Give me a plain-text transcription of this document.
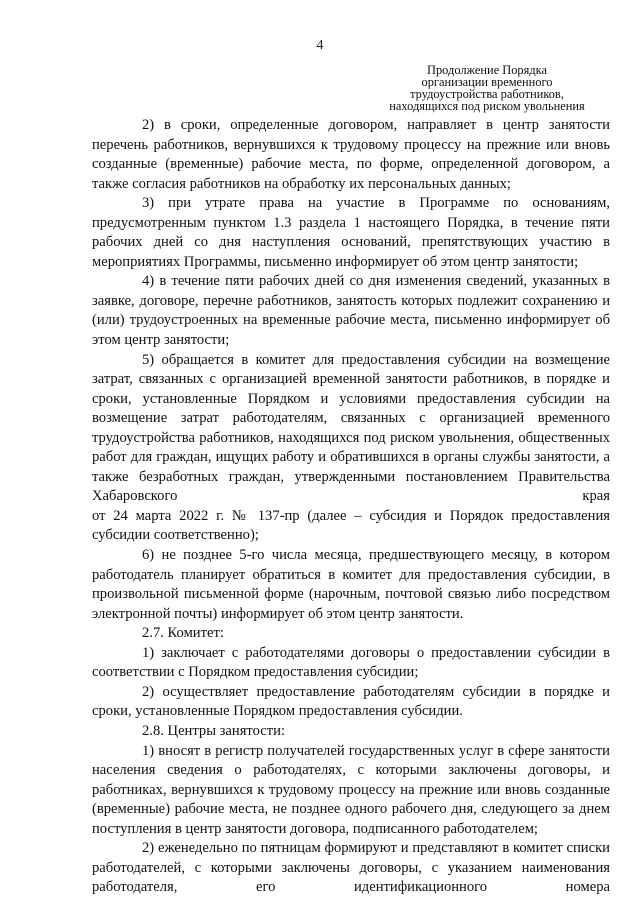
4
Продолжение Порядка
организации временного
трудоустройства работников,
находящихся под риском увольнения

2) в сроки, определенные договором, направляет в центр занятости перечень работников, вернувшихся к трудовому процессу на прежние или вновь созданные (временные) рабочие места, по форме, определенной договором, а также согласия работников на обработку их персональных данных;

3) при утрате права на участие в Программе по основаниям, предусмотренным пунктом 1.3 раздела 1 настоящего Порядка, в течение пяти рабочих дней со дня наступления оснований, препятствующих участию в мероприятиях Программы, письменно информирует об этом центр занятости;

4) в течение пяти рабочих дней со дня изменения сведений, указанных в заявке, договоре, перечне работников, занятость которых подлежит сохранению и (или) трудоустроенных на временные рабочие места, письменно информирует об этом центр занятости;

5) обращается в комитет для предоставления субсидии на возмещение затрат, связанных с организацией временной занятости работников, в порядке и сроки, установленные Порядком и условиями предоставления субсидии на возмещение затрат работодателям, связанных с организацией временного трудоустройства работников, находящихся под риском увольнения, общественных работ для граждан, ищущих работу и обратившихся в органы службы занятости, а также безработных граждан, утвержденными постановлением Правительства Хабаровского края

от 24 марта 2022 г. № 137-пр (далее – субсидия и Порядок предоставления субсидии соответственно);

6) не позднее 5-го числа месяца, предшествующего месяцу, в котором работодатель планирует обратиться в комитет для предоставления субсидии, в произвольной письменной форме (нарочным, почтовой связью либо посредством электронной почты) информирует об этом центр занятости.

2.7. Комитет:

1) заключает с работодателями договоры о предоставлении субсидии в соответствии с Порядком предоставления субсидии;

2) осуществляет предоставление работодателям субсидии в порядке и сроки, установленные Порядком предоставления субсидии.

2.8. Центры занятости:

1) вносят в регистр получателей государственных услуг в сфере занятости населения сведения о работодателях, с которыми заключены договоры, и работниках, вернувшихся к трудовому процессу на прежние или вновь созданные (временные) рабочие места, не позднее одного рабочего дня, следующего за днем поступления в центр занятости договора, подписанного работодателем;

2) еженедельно по пятницам формируют и представляют в комитет списки работодателей, с которыми заключены договоры, с указанием наименования работодателя, его идентификационного номера
